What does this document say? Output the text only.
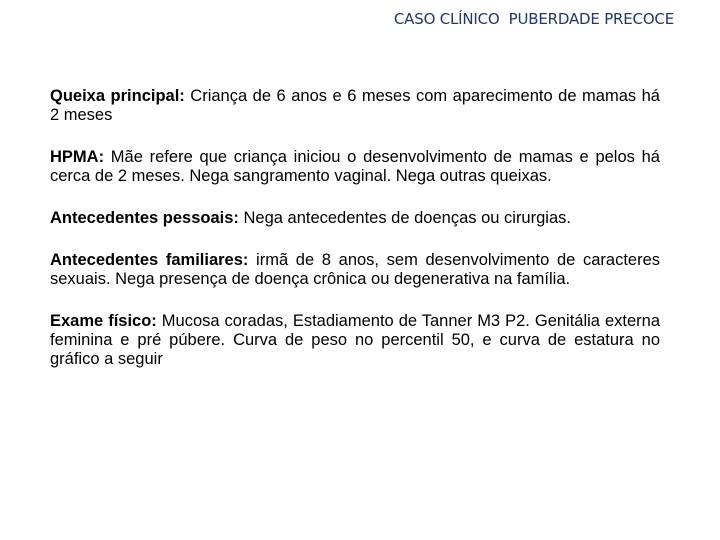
CASO CLÍNICO  PUBERDADE PRECOCE

Queixa principal: Criança de 6 anos e 6 meses com aparecimento de mamas há 2 meses

HPMA: Mãe refere que criança iniciou o desenvolvimento de mamas e pelos há cerca de 2 meses. Nega sangramento vaginal. Nega outras queixas.

Antecedentes pessoais: Nega antecedentes de doenças ou cirurgias.

Antecedentes familiares: irmã de 8 anos, sem desenvolvimento de caracteres sexuais. Nega presença de doença crônica ou degenerativa na família.

Exame físico: Mucosa coradas, Estadiamento de Tanner M3 P2. Genitália externa feminina e pré púbere. Curva de peso no percentil 50, e curva de estatura no gráfico a seguir
